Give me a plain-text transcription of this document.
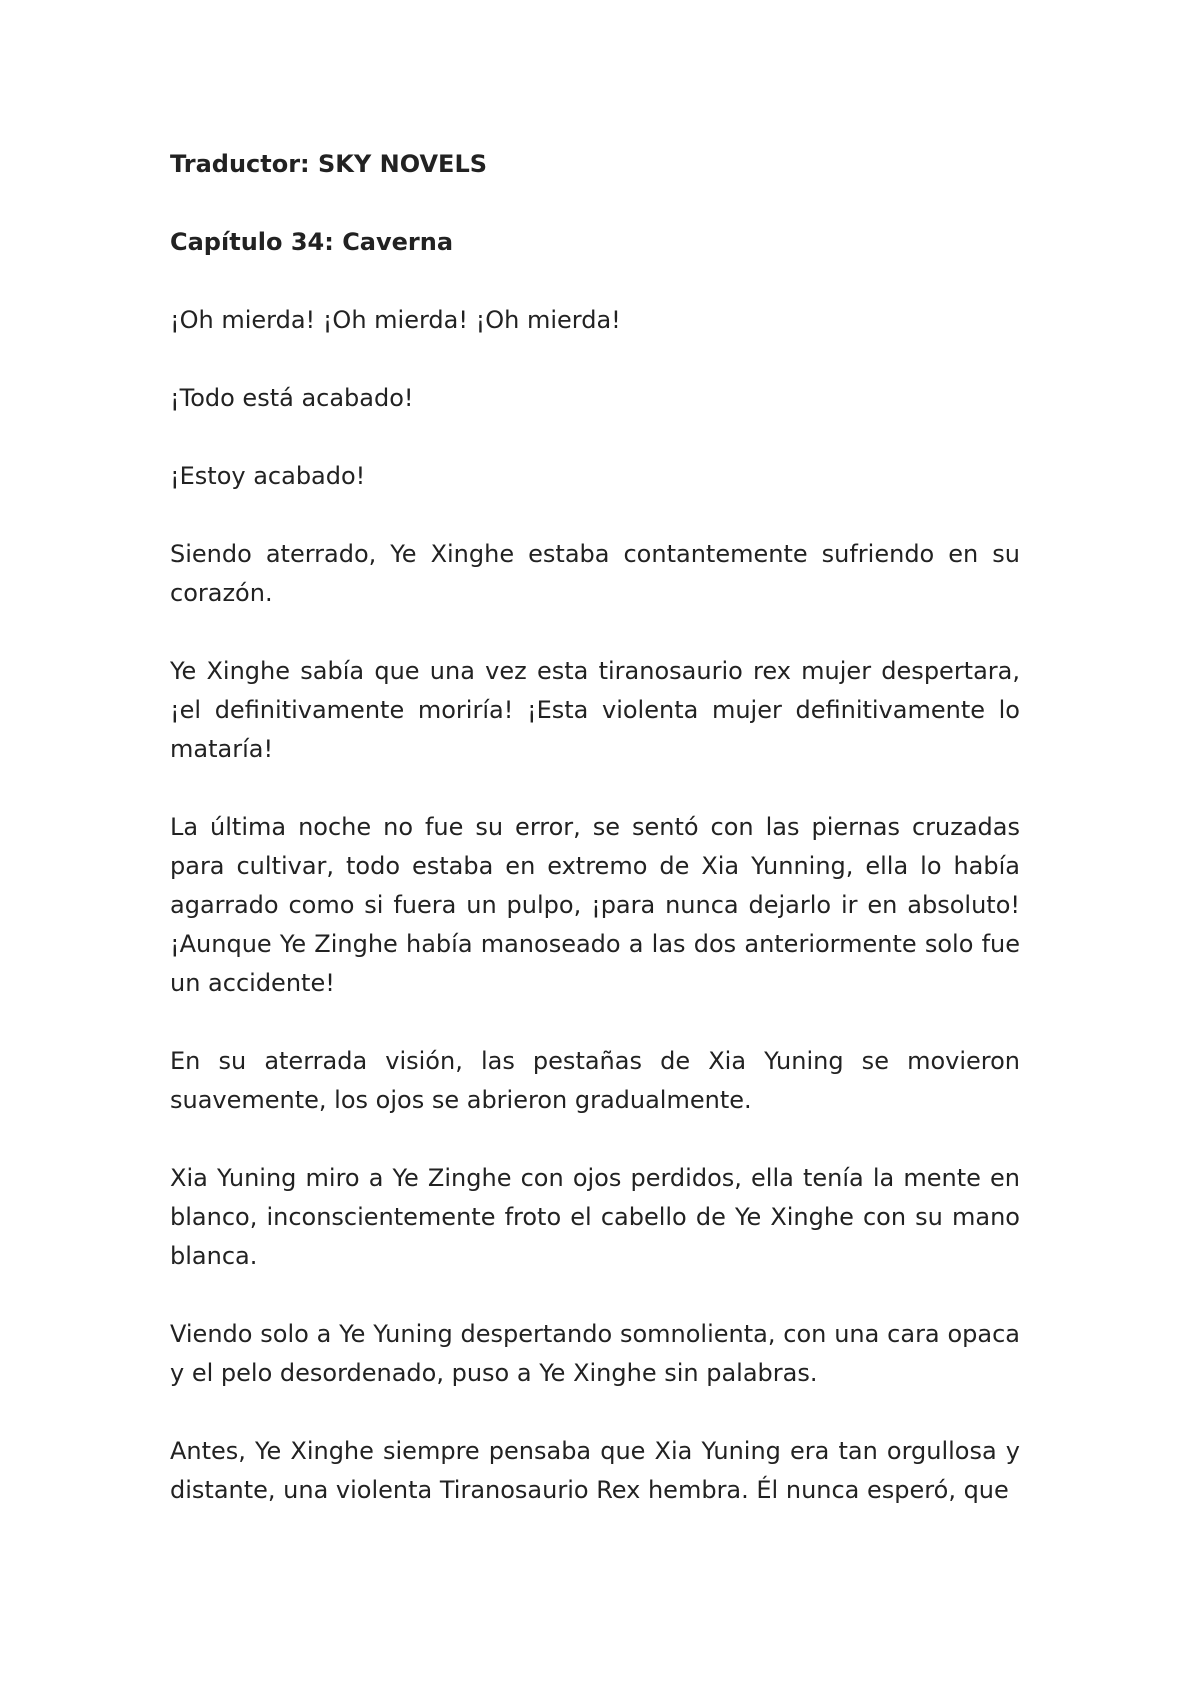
Traductor: SKY NOVELS
Capítulo 34: Caverna
¡Oh mierda! ¡Oh mierda! ¡Oh mierda!
¡Todo está acabado!
¡Estoy acabado!
Siendo aterrado, Ye Xinghe estaba contantemente sufriendo en su corazón.
Ye Xinghe sabía que una vez esta tiranosaurio rex mujer despertara, ¡el definitivamente moriría! ¡Esta violenta mujer definitivamente lo mataría!
La última noche no fue su error, se sentó con las piernas cruzadas para cultivar, todo estaba en extremo de Xia Yunning, ella lo había agarrado como si fuera un pulpo, ¡para nunca dejarlo ir en absoluto! ¡Aunque Ye Zinghe había manoseado a las dos anteriormente solo fue un accidente!
En su aterrada visión, las pestañas de Xia Yuning se movieron suavemente, los ojos se abrieron gradualmente.
Xia Yuning miro a Ye Zinghe con ojos perdidos, ella tenía la mente en blanco, inconscientemente froto el cabello de Ye Xinghe con su mano blanca.
Viendo solo a Ye Yuning despertando somnolienta, con una cara opaca y el pelo desordenado, puso a Ye Xinghe sin palabras.
Antes, Ye Xinghe siempre pensaba que Xia Yuning era tan orgullosa y distante, una violenta Tiranosaurio Rex hembra. Él nunca esperó, que
